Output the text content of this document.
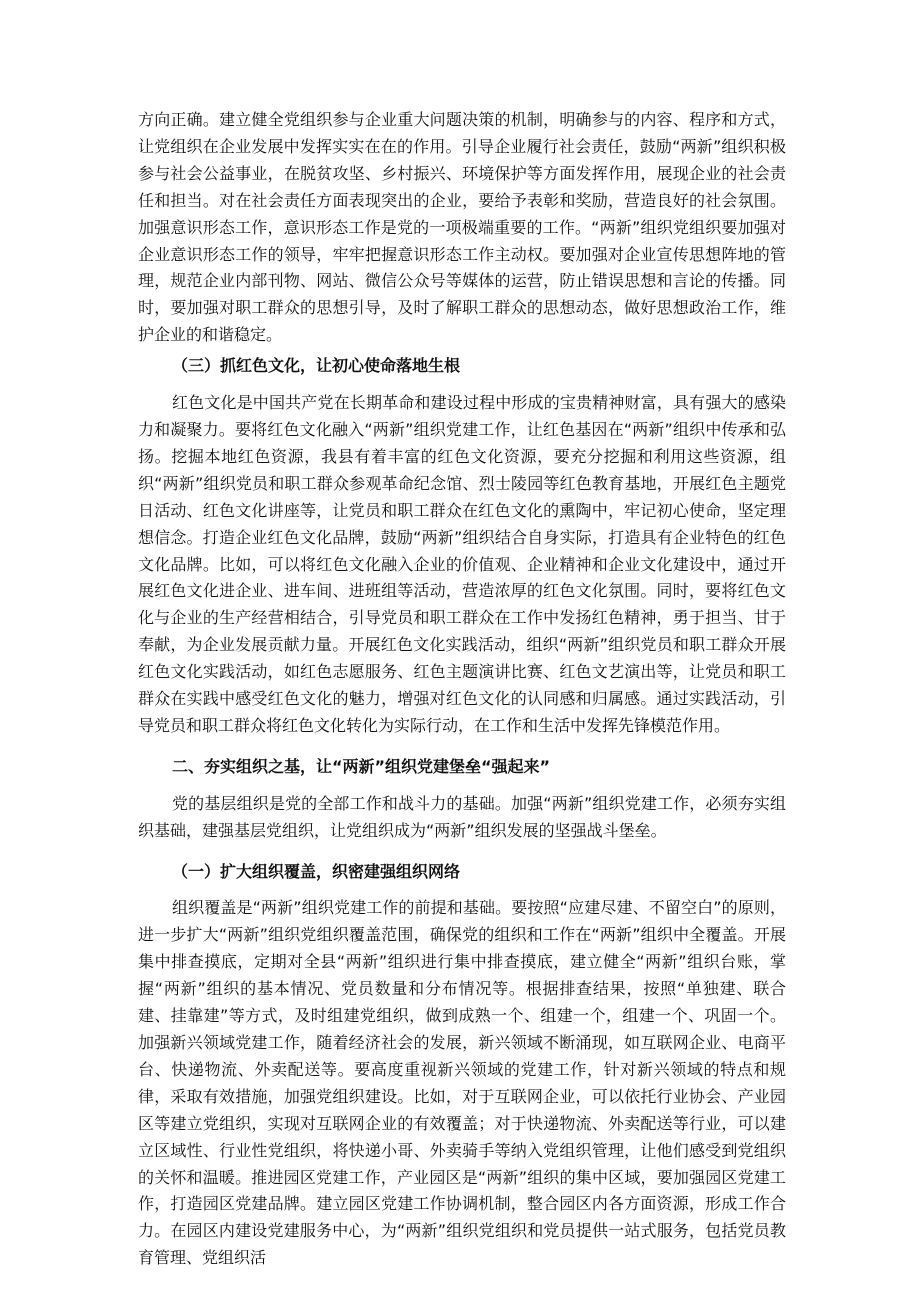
方向正确。建立健全党组织参与企业重大问题决策的机制，明确参与的内容、程序和方式，让党组织在企业发展中发挥实实在在的作用。引导企业履行社会责任，鼓励“两新”组织积极参与社会公益事业，在脱贫攻坚、乡村振兴、环境保护等方面发挥作用，展现企业的社会责任和担当。对在社会责任方面表现突出的企业，要给予表彰和奖励，营造良好的社会氛围。加强意识形态工作，意识形态工作是党的一项极端重要的工作。“两新”组织党组织要加强对企业意识形态工作的领导，牢牢把握意识形态工作主动权。要加强对企业宣传思想阵地的管理，规范企业内部刊物、网站、微信公众号等媒体的运营，防止错误思想和言论的传播。同时，要加强对职工群众的思想引导，及时了解职工群众的思想动态，做好思想政治工作，维护企业的和谐稳定。

（三）抓红色文化，让初心使命落地生根

红色文化是中国共产党在长期革命和建设过程中形成的宝贵精神财富，具有强大的感染力和凝聚力。要将红色文化融入“两新”组织党建工作，让红色基因在“两新”组织中传承和弘扬。挖掘本地红色资源，我县有着丰富的红色文化资源，要充分挖掘和利用这些资源，组织“两新”组织党员和职工群众参观革命纪念馆、烈士陵园等红色教育基地，开展红色主题党日活动、红色文化讲座等，让党员和职工群众在红色文化的熏陶中，牢记初心使命，坚定理想信念。打造企业红色文化品牌，鼓励“两新”组织结合自身实际，打造具有企业特色的红色文化品牌。比如，可以将红色文化融入企业的价值观、企业精神和企业文化建设中，通过开展红色文化进企业、进车间、进班组等活动，营造浓厚的红色文化氛围。同时，要将红色文化与企业的生产经营相结合，引导党员和职工群众在工作中发扬红色精神，勇于担当、甘于奉献，为企业发展贡献力量。开展红色文化实践活动，组织“两新”组织党员和职工群众开展红色文化实践活动，如红色志愿服务、红色主题演讲比赛、红色文艺演出等，让党员和职工群众在实践中感受红色文化的魅力，增强对红色文化的认同感和归属感。通过实践活动，引导党员和职工群众将红色文化转化为实际行动，在工作和生活中发挥先锋模范作用。

二、夯实组织之基，让“两新”组织党建堡垒“强起来”

党的基层组织是党的全部工作和战斗力的基础。加强“两新”组织党建工作，必须夯实组织基础，建强基层党组织，让党组织成为“两新”组织发展的坚强战斗堡垒。

（一）扩大组织覆盖，织密建强组织网络

组织覆盖是“两新”组织党建工作的前提和基础。要按照“应建尽建、不留空白”的原则，进一步扩大“两新”组织党组织覆盖范围，确保党的组织和工作在“两新”组织中全覆盖。开展集中排查摸底，定期对全县“两新”组织进行集中排查摸底，建立健全“两新”组织台账，掌握“两新”组织的基本情况、党员数量和分布情况等。根据排查结果，按照“单独建、联合建、挂靠建”等方式，及时组建党组织，做到成熟一个、组建一个，组建一个、巩固一个。加强新兴领域党建工作，随着经济社会的发展，新兴领域不断涌现，如互联网企业、电商平台、快递物流、外卖配送等。要高度重视新兴领域的党建工作，针对新兴领域的特点和规律，采取有效措施，加强党组织建设。比如，对于互联网企业，可以依托行业协会、产业园区等建立党组织，实现对互联网企业的有效覆盖；对于快递物流、外卖配送等行业，可以建立区域性、行业性党组织，将快递小哥、外卖骑手等纳入党组织管理，让他们感受到党组织的关怀和温暖。推进园区党建工作，产业园区是“两新”组织的集中区域，要加强园区党建工作，打造园区党建品牌。建立园区党建工作协调机制，整合园区内各方面资源，形成工作合力。在园区内建设党建服务中心，为“两新”组织党组织和党员提供一站式服务，包括党员教育管理、党组织活
